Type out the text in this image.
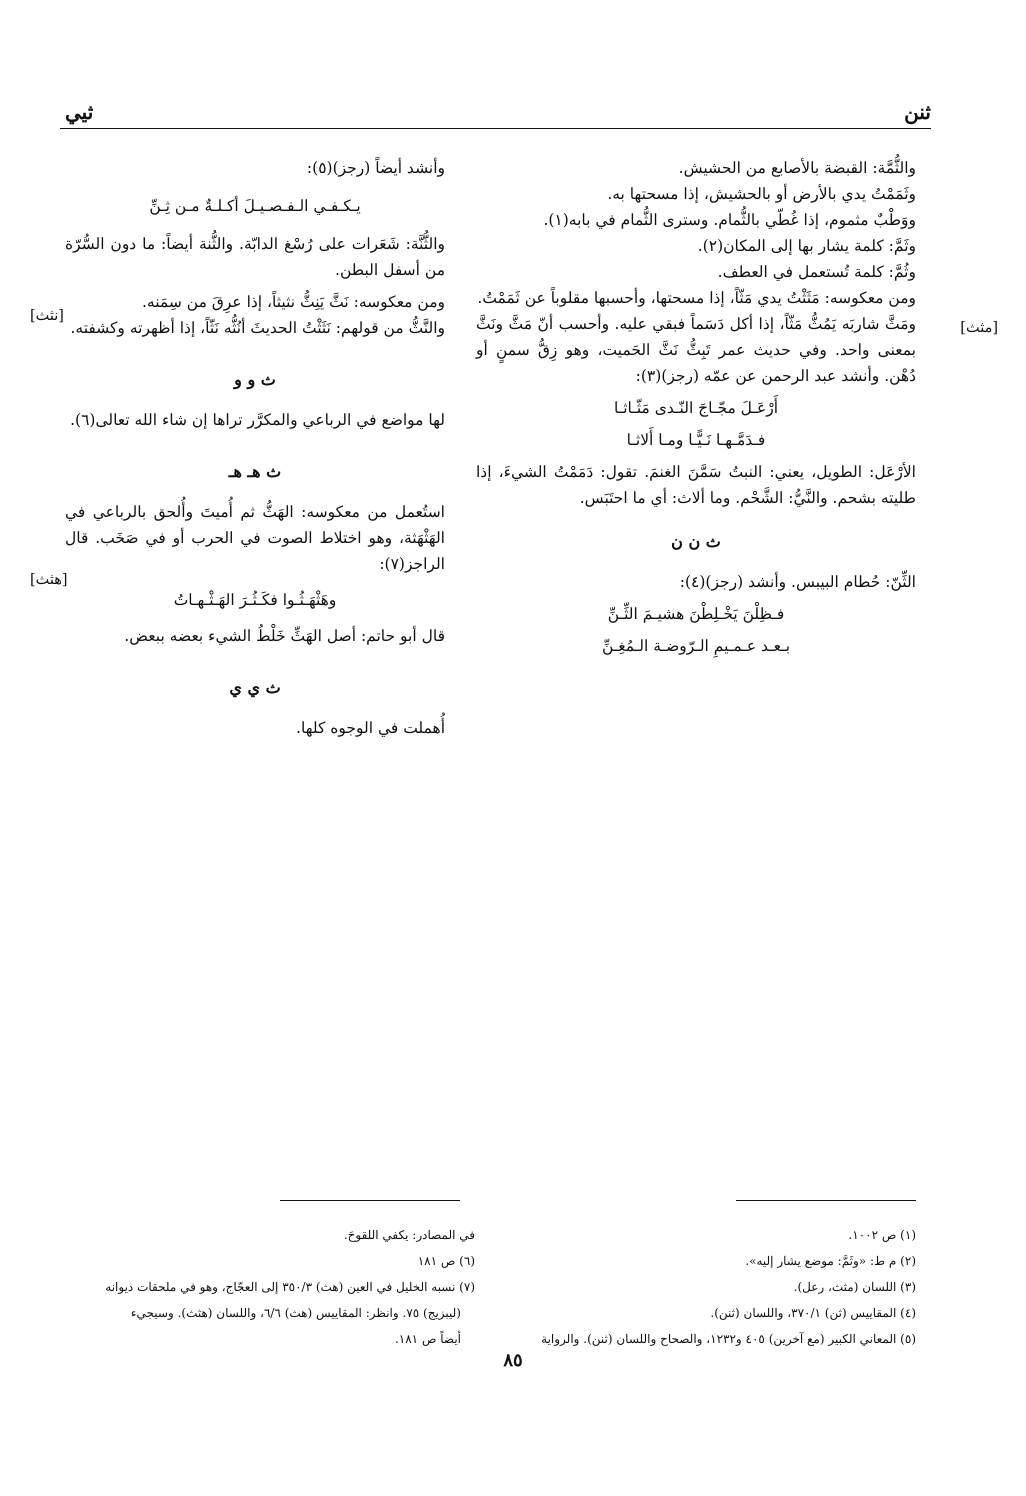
ثنن
ثيي

والثُّمَّة: القبضة بالأصابع من الحشيش.

وثَمَمْتُ يدي بالأرض أو بالحشيش، إذا مسحتها به.

ووَطْبٌ مثموم، إذا غُطّي بالثُّمام. وسترى الثُّمام في بابه(١).

وثَمَّ: كلمة يشار بها إلى المكان(٢).

وثُمَّ: كلمة تُستعمل في العطف.

ومن معكوسه: مَثَثْتُ يدي مَثّاً، إذا مسحتها، وأحسبها مقلوباً عن ثَمَمْتُ.

ومَثَّ شاربَه يَمُثُّ مَثّاً، إذا أكل دَسَماً فبقي عليه. وأحسب أنّ مَثَّ ونَثَّ بمعنى واحد. وفي حديث عمر تَبِثُّ نَثَّ الحَميت، وهو زِقُّ سمنٍ أو دُهْن. وأنشد عبد الرحمن عن عمّه (رجز)(٣):

أَرْعَـلَ مجّـاجَ النّـدى مَثّـاثـا
فـدَمَّـهـا نَـيًّـا ومـا أَلاثـا

الأرْعَل: الطويل، يعني: النبتُ سَمَّنَ الغنمَ. تقول: دَمَمْتُ الشيءَ، إذا طليته بشحم. والنَّيُّ: الشَّحْم. وما ألاث: أي ما احتَبَس.

ث ن ن

الثِّنّ: حُطام البيبس. وأنشد (رجز)(٤):

فـظِلْنَ يَخْـلِطْنَ هشيـمَ الثِّـنِّ
بـعـد عـمـيمِ الـرّوضـة الـمُغِـنِّ
[مثث]

وأنشد أيضاً (رجز)(٥):

يـكـفـي الـفـصـيـلَ أكـلـةٌ مـن ثِـنِّ

والثُّنَّة: شَعَرات على رُسْغ الدابّة. والثُّنة أيضاً: ما دون السُّرّة من أسفل البطن.

ومن معكوسه: نَثَّ يَنِثُّ نثيثاً، إذا عرِقَ من سِمَنه.

والنَّثُّ من قولهم: نَثَثْتُ الحديثَ أنُثُّه نَثّاً، إذا أظهرته وكشفته.

ث و و

لها مواضع في الرباعي والمكرَّر تراها إن شاء الله تعالى(٦).

ث هـ هـ

استُعمل من معكوسه: الهَثُّ ثم أُميتَ وأُلحق بالرباعي في الهَثْهَثة، وهو اختلاط الصوت في الحرب أو في صَخَب. قال الراجز(٧):

وهَثْهَـثُـوا فكَـثُـرَ الهَـثْـهـاتُ

قال أبو حاتم: أصل الهَثِّ خَلْطُ الشيء بعضه ببعض.

ث ي ي

أُهملت في الوجوه كلها.

[نثث]
[هثث]

(١) ص ١٠٠٢.

(٢) م ط: «وثَمَّ: موضع يشار إليه».

(٣) اللسان (مثث، رعل).

(٤) المقاييس (ثن) ٣٧٠/١، واللسان (ثنن).

(٥) المعاني الكبير (مع آخرين) ٤٠٥ و١٢٣٢، والصحاح واللسان (ثنن). والرواية

في المصادر: يكفي اللقوحَ.

(٦) ص ١٨١

(٧) نسبه الخليل في العين (هث) ٣٥٠/٣ إلى العجّاج، وهو في ملحقات ديوانه

(ليبزيج) ٧٥. وانظر: المقاييس (هث) ٦/٦، واللسان (هثث). وسيجيء

أيضاً ص ١٨١.

٨٥
